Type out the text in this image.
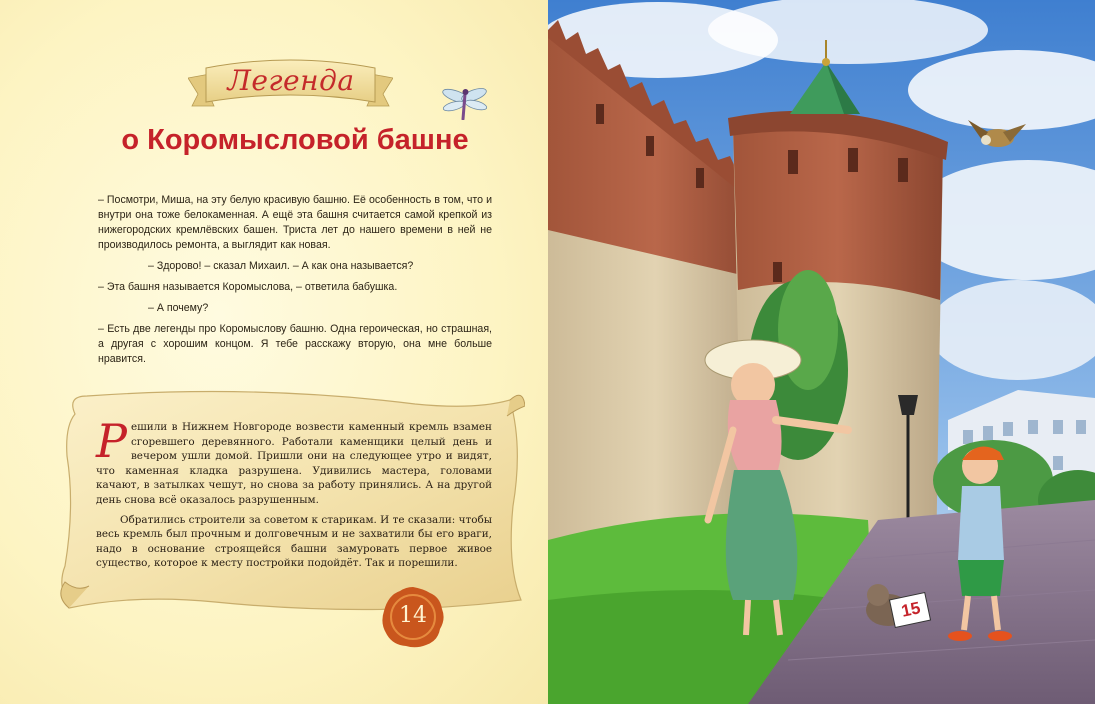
Легенда
о Коромысловой башне

– Посмотри, Миша, на эту белую красивую башню. Её особенность в том, что и внутри она тоже белокаменная. А ещё эта башня считается самой крепкой из нижегородских кремлёвских башен. Триста лет до нашего времени в ней не производилось ремонта, а выглядит как новая.

– Здорово! – сказал Михаил. – А как она называется?

– Эта башня называется Коромыслова, – ответила бабушка.

– А почему?

– Есть две легенды про Коромыслову башню. Одна героическая, но страшная, а другая с хорошим концом. Я тебе расскажу вторую, она мне больше нравится.

Решили в Нижнем Новгороде возвести каменный кремль взамен сгоревшего деревянного. Работали каменщики целый день и вечером ушли домой. Пришли они на следующее утро и видят, что каменная кладка разрушена. Удивились мастера, головами качают, в затылках чешут, но снова за работу принялись. А на другой день снова всё оказалось разрушенным.

Обратились строители за советом к старикам. И те сказали: чтобы весь кремль был прочным и долговечным и не захватили бы его враги, надо в основание строящейся башни замуровать первое живое существо, которое к месту постройки подойдёт. Так и порешили.

14	15
